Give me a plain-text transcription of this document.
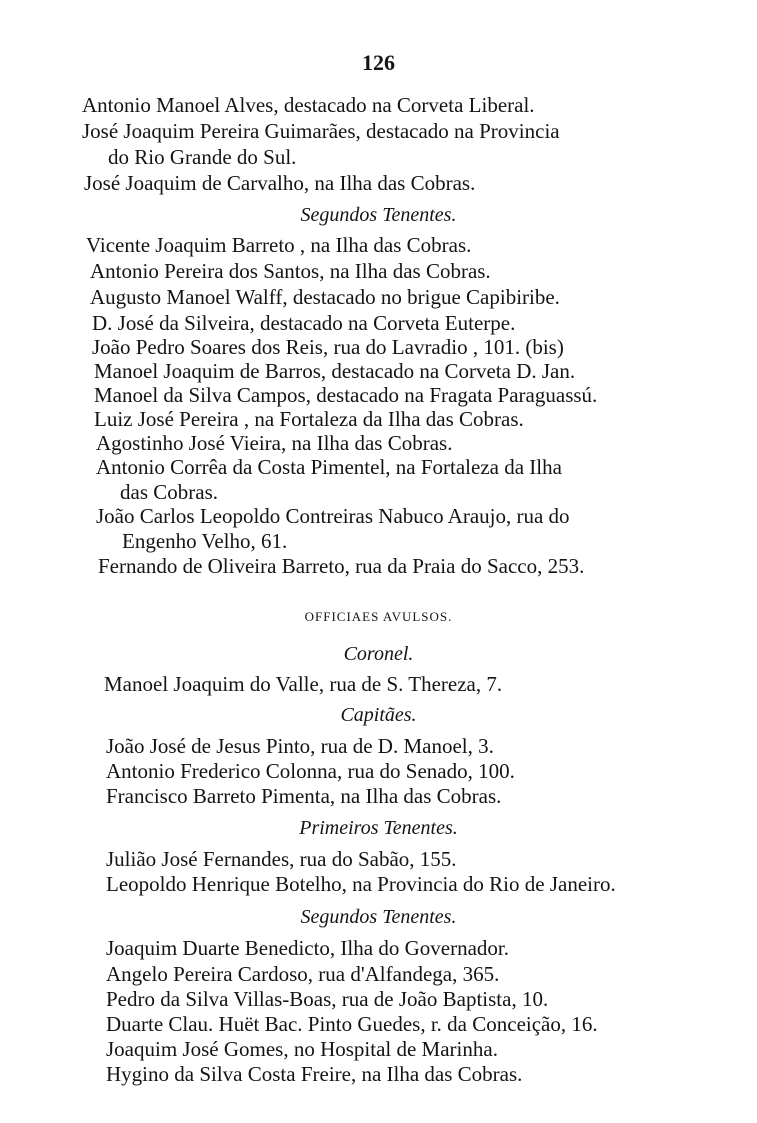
126
Antonio Manoel Alves, destacado na Corveta Liberal.
José Joaquim Pereira Guimarães, destacado na Provincia
do Rio Grande do Sul.
José Joaquim de Carvalho, na Ilha das Cobras.
Segundos Tenentes.
Vicente Joaquim Barreto , na Ilha das Cobras.
Antonio Pereira dos Santos, na Ilha das Cobras.
Augusto Manoel Walff, destacado no brigue Capibiribe.
D. José da Silveira, destacado na Corveta Euterpe.
João Pedro Soares dos Reis, rua do Lavradio , 101. (bis)
Manoel Joaquim de Barros, destacado na Corveta D. Jan.
Manoel da Silva Campos, destacado na Fragata Paraguassú.
Luiz José Pereira , na Fortaleza da Ilha das Cobras.
Agostinho José Vieira, na Ilha das Cobras.
Antonio Corrêa da Costa Pimentel, na Fortaleza da Ilha
das Cobras.
João Carlos Leopoldo Contreiras Nabuco Araujo, rua do
Engenho Velho, 61.
Fernando de Oliveira Barreto, rua da Praia do Sacco, 253.
OFFICIAES AVULSOS.
Coronel.
Manoel Joaquim do Valle, rua de S. Thereza, 7.
Capitães.
João José de Jesus Pinto, rua de D. Manoel, 3.
Antonio Frederico Colonna, rua do Senado, 100.
Francisco Barreto Pimenta, na Ilha das Cobras.
Primeiros Tenentes.
Julião José Fernandes, rua do Sabão, 155.
Leopoldo Henrique Botelho, na Provincia do Rio de Janeiro.
Segundos Tenentes.
Joaquim Duarte Benedicto, Ilha do Governador.
Angelo Pereira Cardoso, rua d'Alfandega, 365.
Pedro da Silva Villas-Boas, rua de João Baptista, 10.
Duarte Clau. Huët Bac. Pinto Guedes, r. da Conceição, 16.
Joaquim José Gomes, no Hospital de Marinha.
Hygino da Silva Costa Freire, na Ilha das Cobras.
